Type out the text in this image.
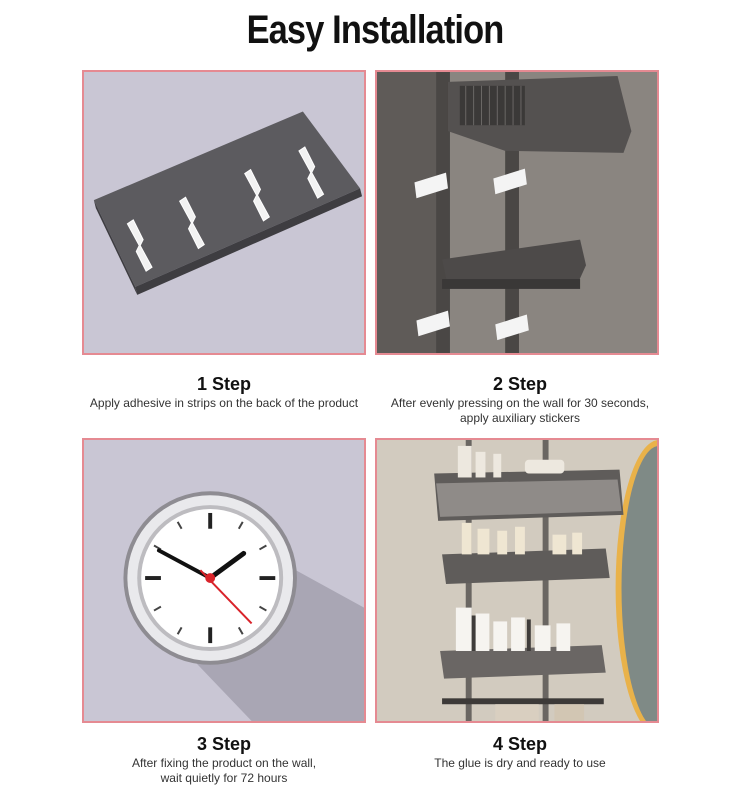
Easy Installation
1 Step
Apply adhesive in strips on the back of the product
2 Step
After evenly pressing on the wall for 30 seconds,
apply auxiliary stickers
3 Step
After fixing the product on the wall,
wait quietly for 72 hours
4 Step
The glue is dry and ready to use
